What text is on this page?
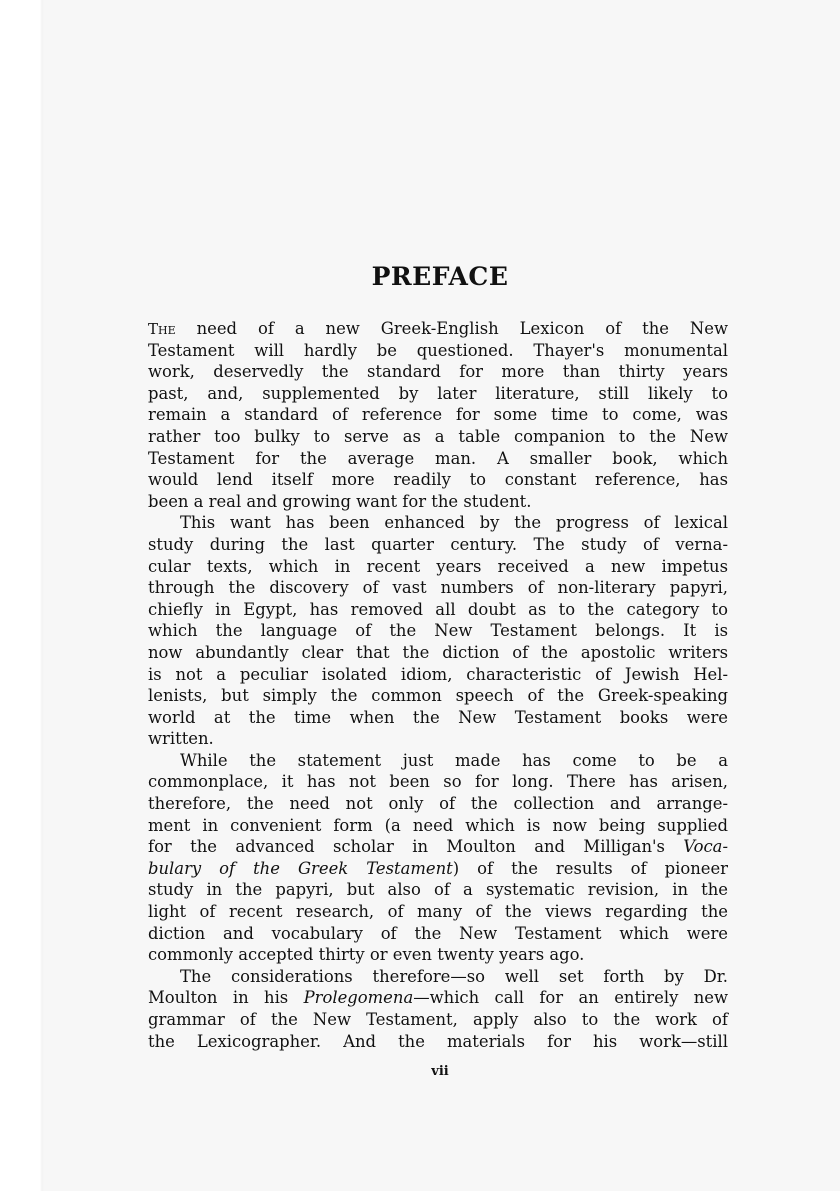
PREFACE
The need of a new Greek-English Lexicon of the New
Testament will hardly be questioned. Thayer's monumental
work, deservedly the standard for more than thirty years
past, and, supplemented by later literature, still likely to
remain a standard of reference for some time to come, was
rather too bulky to serve as a table companion to the New
Testament for the average man. A smaller book, which
would lend itself more readily to constant reference, has
been a real and growing want for the student.
This want has been enhanced by the progress of lexical
study during the last quarter century. The study of verna-
cular texts, which in recent years received a new impetus
through the discovery of vast numbers of non-literary papyri,
chiefly in Egypt, has removed all doubt as to the category to
which the language of the New Testament belongs. It is
now abundantly clear that the diction of the apostolic writers
is not a peculiar isolated idiom, characteristic of Jewish Hel-
lenists, but simply the common speech of the Greek-speaking
world at the time when the New Testament books were
written.
While the statement just made has come to be a
commonplace, it has not been so for long. There has arisen,
therefore, the need not only of the collection and arrange-
ment in convenient form (a need which is now being supplied
for the advanced scholar in Moulton and Milligan's Voca-
bulary of the Greek Testament) of the results of pioneer
study in the papyri, but also of a systematic revision, in the
light of recent research, of many of the views regarding the
diction and vocabulary of the New Testament which were
commonly accepted thirty or even twenty years ago.
The considerations therefore—so well set forth by Dr.
Moulton in his Prolegomena—which call for an entirely new
grammar of the New Testament, apply also to the work of
the Lexicographer. And the materials for his work—still
vii
